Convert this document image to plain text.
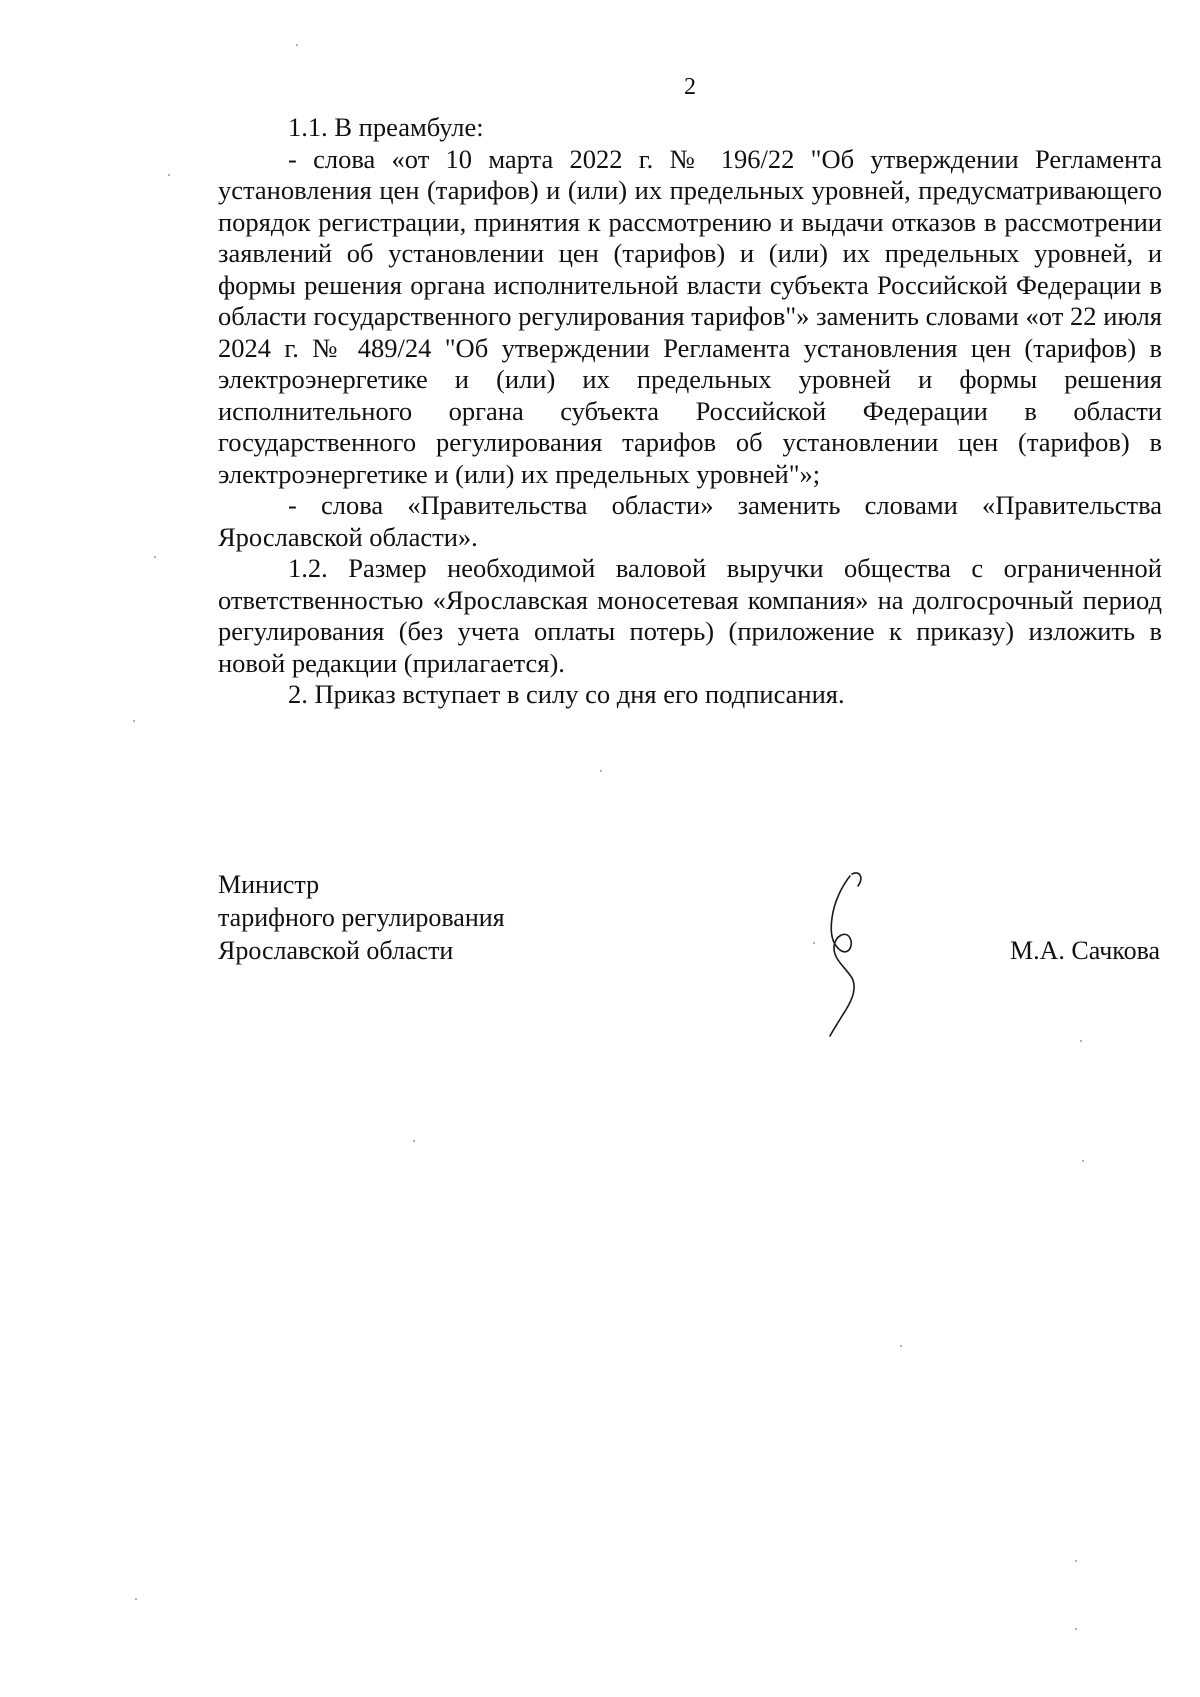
2

1.1. В преамбуле:

- слова «от 10 марта 2022 г. № 196/22 "Об утверждении Регламента установления цен (тарифов) и (или) их предельных уровней, предусматривающего порядок регистрации, принятия к рассмотрению и выдачи отказов в рассмотрении заявлений об установлении цен (тарифов) и (или) их предельных уровней, и формы решения органа исполнительной власти субъекта Российской Федерации в области государственного регулирования тарифов"» заменить словами «от 22 июля 2024 г. № 489/24 "Об утверждении Регламента установления цен (тарифов) в электроэнергетике и (или) их предельных уровней и формы решения исполнительного органа субъекта Российской Федерации в области государственного регулирования тарифов об установлении цен (тарифов) в электроэнергетике и (или) их предельных уровней"»;

- слова «Правительства области» заменить словами «Правительства Ярославской области».

1.2. Размер необходимой валовой выручки общества с ограниченной ответственностью «Ярославская моносетевая компания» на долгосрочный период регулирования (без учета оплаты потерь) (приложение к приказу) изложить в новой редакции (прилагается).

2. Приказ вступает в силу со дня его подписания.

Министр
тарифного регулирования
Ярославской области	М.А. Сачкова
